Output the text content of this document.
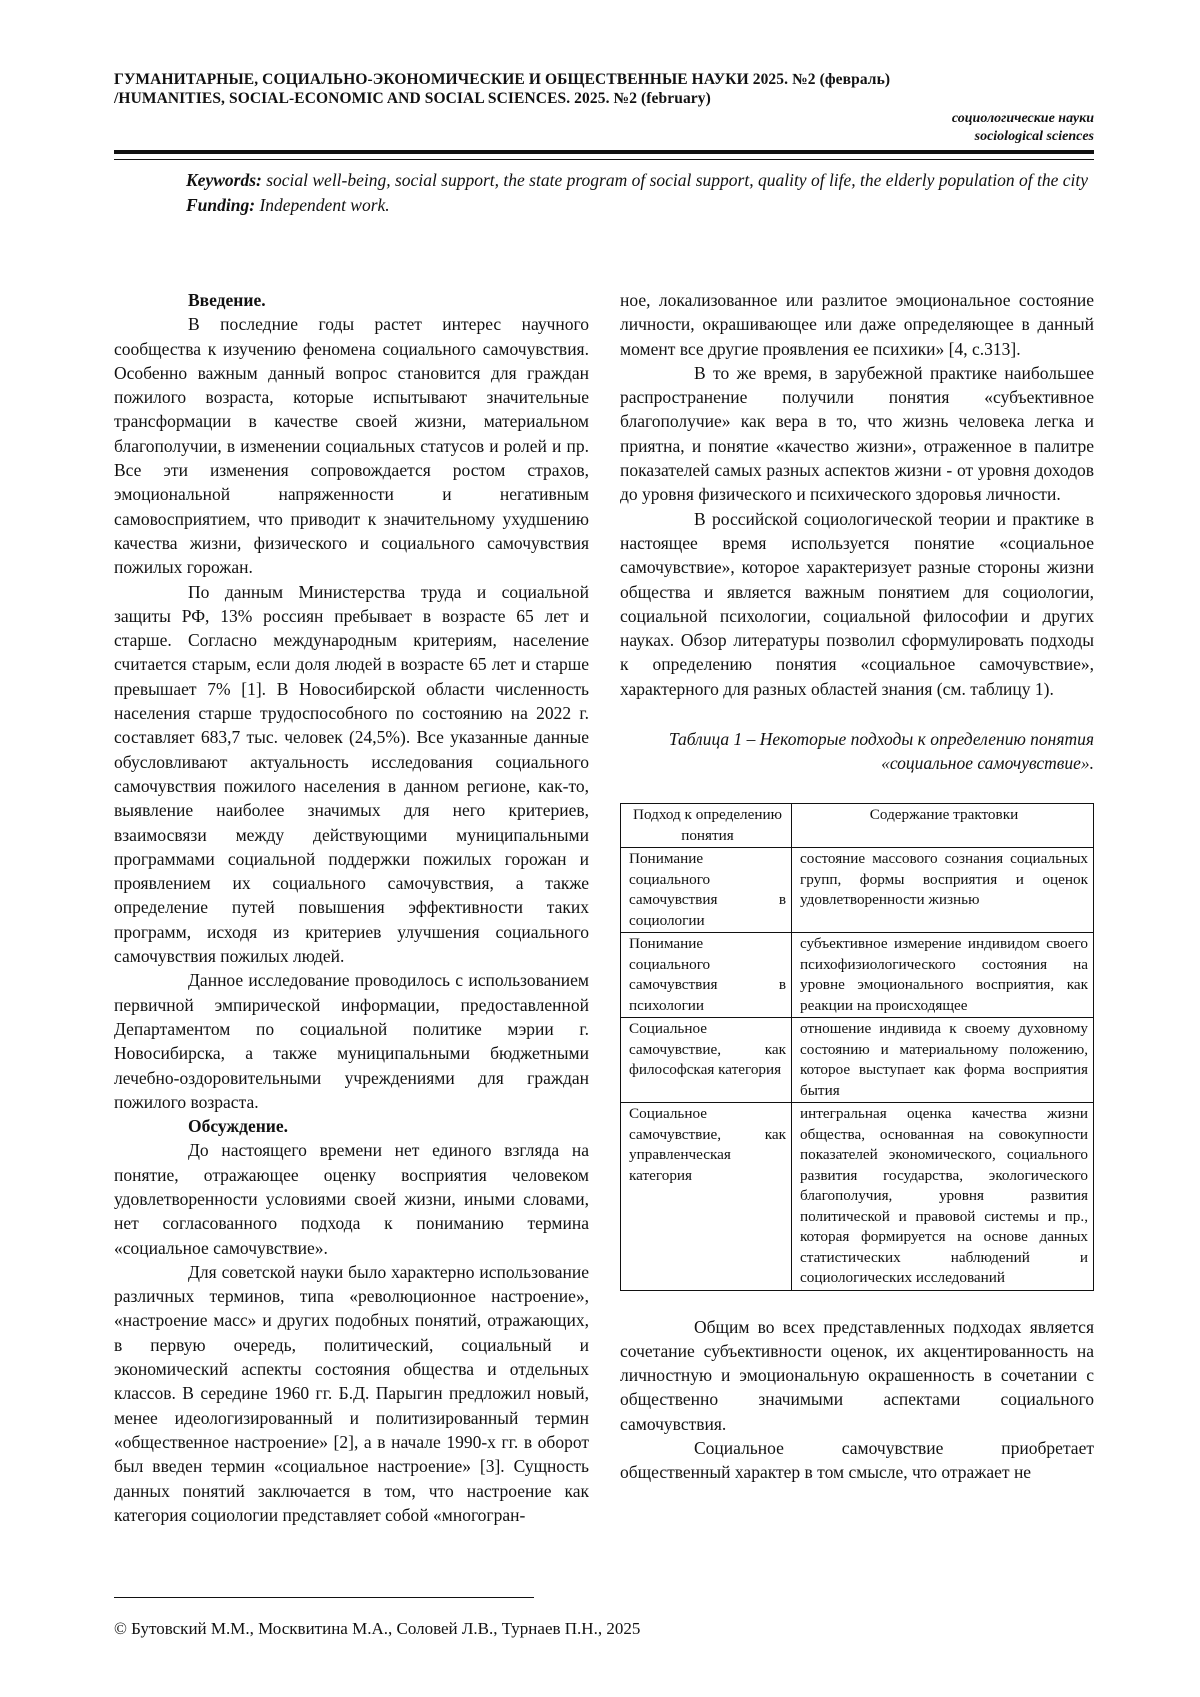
ГУМАНИТАРНЫЕ, СОЦИАЛЬНО-ЭКОНОМИЧЕСКИЕ И ОБЩЕСТВЕННЫЕ НАУКИ 2025. №2 (февраль)
/HUMANITIES, SOCIAL-ECONOMIC AND SOCIAL SCIENCES. 2025. №2 (february)
социологические науки
sociological sciences

Keywords: social well-being, social support, the state program of social support, quality of life, the elderly population of the city

Funding: Independent work.

Введение.

В последние годы растет интерес научного сообщества к изучению феномена социального самочувствия. Особенно важным данный вопрос становится для граждан пожилого возраста, которые испытывают значительные трансформации в качестве своей жизни, материальном благополучии, в изменении социальных статусов и ролей и пр. Все эти изменения сопровождается ростом страхов, эмоциональной напряженности и негативным самовосприятием, что приводит к значительному ухудшению качества жизни, физического и социального самочувствия пожилых горожан.

По данным Министерства труда и социальной защиты РФ, 13% россиян пребывает в возрасте 65 лет и старше. Согласно международным критериям, население считается старым, если доля людей в возрасте 65 лет и старше превышает 7% [1]. В Новосибирской области численность населения старше трудоспособного по состоянию на 2022 г. составляет 683,7 тыс. человек (24,5%). Все указанные данные обусловливают актуальность исследования социального самочувствия пожилого населения в данном регионе, как-то, выявление наиболее значимых для него критериев, взаимосвязи между действующими муниципальными программами социальной поддержки пожилых горожан и проявлением их социального самочувствия, а также определение путей повышения эффективности таких программ, исходя из критериев улучшения социального самочувствия пожилых людей.

Данное исследование проводилось с использованием первичной эмпирической информации, предоставленной Департаментом по социальной политике мэрии г. Новосибирска, а также муниципальными бюджетными лечебно-оздоровительными учреждениями для граждан пожилого возраста.

Обсуждение.

До настоящего времени нет единого взгляда на понятие, отражающее оценку восприятия человеком удовлетворенности условиями своей жизни, иными словами, нет согласованного подхода к пониманию термина «социальное самочувствие».

Для советской науки было характерно использование различных терминов, типа «революционное настроение», «настроение масс» и других подобных понятий, отражающих, в первую очередь, политический, социальный и экономический аспекты состояния общества и отдельных классов. В середине 1960 гг. Б.Д. Парыгин предложил новый, менее идеологизированный и политизированный термин «общественное настроение» [2], а в начале 1990-х гг. в оборот был введен термин «социальное настроение» [3]. Сущность данных понятий заключается в том, что настроение как категория социологии представляет собой «многогран-

ное, локализованное или разлитое эмоциональное состояние личности, окрашивающее или даже определяющее в данный момент все другие проявления ее психики» [4, с.313].

В то же время, в зарубежной практике наибольшее распространение получили понятия «субъективное благополучие» как вера в то, что жизнь человека легка и приятна, и понятие «качество жизни», отраженное в палитре показателей самых разных аспектов жизни - от уровня доходов до уровня физического и психического здоровья личности.

В российской социологической теории и практике в настоящее время используется понятие «социальное самочувствие», которое характеризует разные стороны жизни общества и является важным понятием для социологии, социальной психологии, социальной философии и других науках. Обзор литературы позволил сформулировать подходы к определению понятия «социальное самочувствие», характерного для разных областей знания (см. таблицу 1).

Таблица 1 – Некоторые подходы к определению понятия «социальное самочувствие».

Подход к определению понятия	Содержание трактовки
Понимание социального самочувствия в социологии	состояние массового сознания социальных групп, формы восприятия и оценок удовлетворенности жизнью
Понимание социального самочувствия в психологии	субъективное измерение индивидом своего психофизиологического состояния на уровне эмоционального восприятия, как реакции на происходящее
Социальное самочувствие, как философская категория	отношение индивида к своему духовному состоянию и материальному положению, которое выступает как форма восприятия бытия
Социальное самочувствие, как управленческая категория	интегральная оценка качества жизни общества, основанная на совокупности показателей экономического, социального развития государства, экологического благополучия, уровня развития политической и правовой системы и пр., которая формируется на основе данных статистических наблюдений и социологических исследований

Общим во всех представленных подходах является сочетание субъективности оценок, их акцентированность на личностную и эмоциональную окрашенность в сочетании с общественно значимыми аспектами социального самочувствия.

Социальное самочувствие приобретает общественный характер в том смысле, что отражает не

© Бутовский М.М., Москвитина М.А., Соловей Л.В., Турнаев П.Н., 2025
